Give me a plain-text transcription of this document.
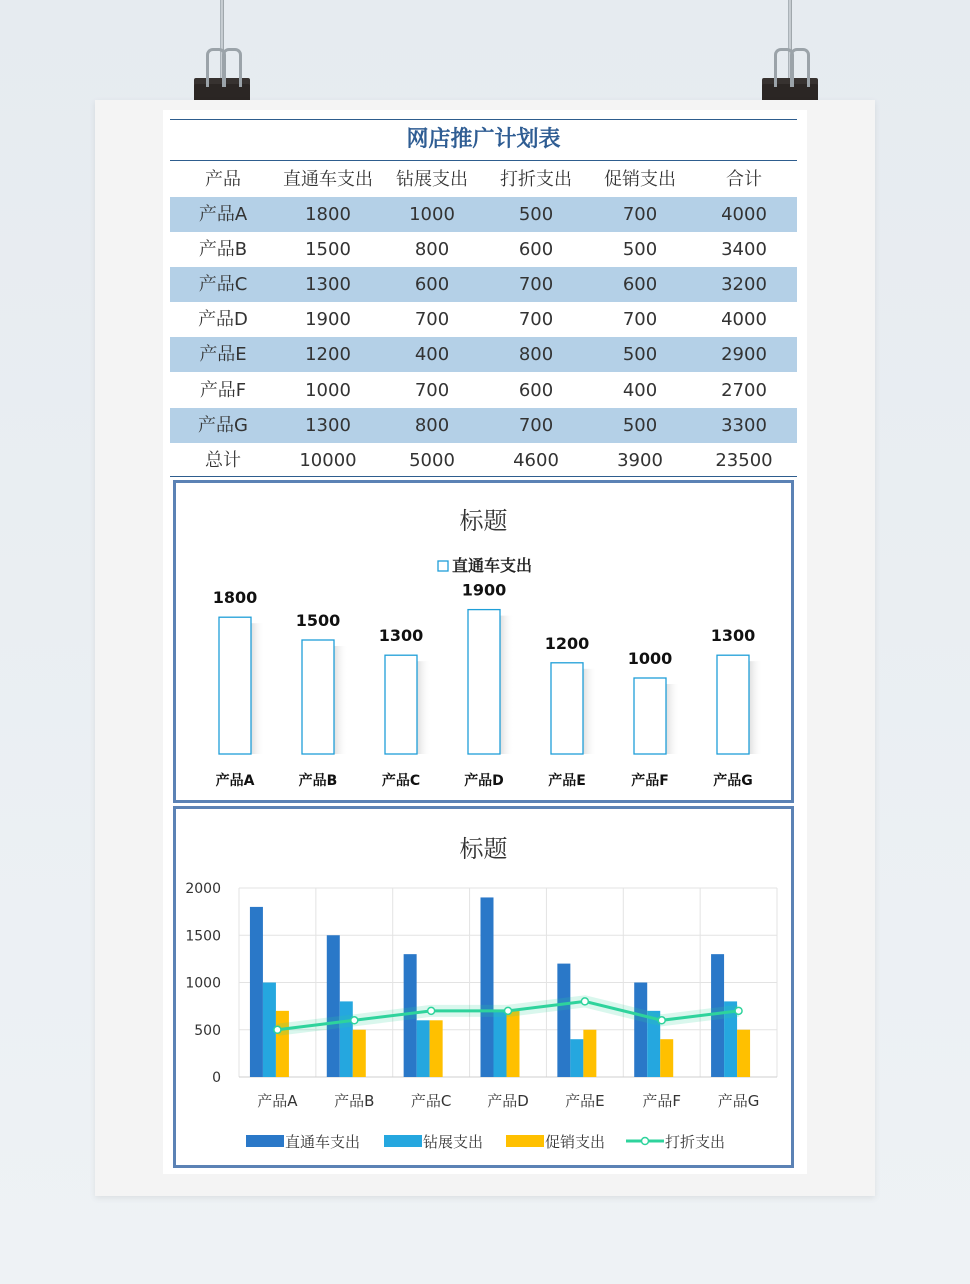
网店推广计划表
产品	直通车支出	钻展支出	打折支出	促销支出	合计
产品A	1800	1000	500	700	4000
产品B	1500	800	600	500	3400
产品C	1300	600	700	600	3200
产品D	1900	700	700	700	4000
产品E	1200	400	800	500	2900
产品F	1000	700	600	400	2700
产品G	1300	800	700	500	3300
总计	10000	5000	4600	3900	23500
标题
直通车支出
1800
产品A
1500
产品B
1300
产品C
1900
产品D
1200
产品E
1000
产品F
1300
产品G
标题
0
500
1000
1500
2000
产品A 产品B 产品C 产品D 产品E	产品F 产品G
直通车支出	钻展支出	促销支出	打折支出
